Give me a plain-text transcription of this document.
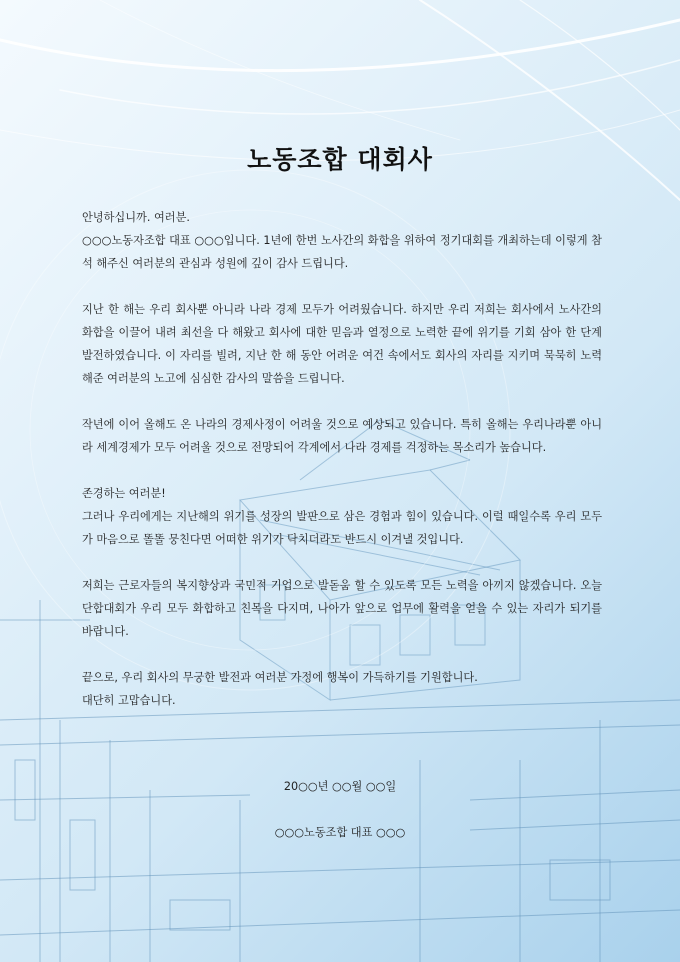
노동조합 대회사

안녕하십니까. 여러분.

○○○노동자조합 대표 ○○○입니다. 1년에 한번 노사간의 화합을 위하여 정기대회를 개최하는데 이렇게 참석 해주신 여러분의 관심과 성원에 깊이 감사 드립니다.

지난 한 해는 우리 회사뿐 아니라 나라 경제 모두가 어려웠습니다. 하지만 우리 저희는 회사에서 노사간의 화합을 이끌어 내려 최선을 다 해왔고 회사에 대한 믿음과 열정으로 노력한 끝에 위기를 기회 삼아 한 단계 발전하였습니다. 이 자리를 빌려, 지난 한 해 동안 어려운 여건 속에서도 회사의 자리를 지키며 묵묵히 노력해준 여러분의 노고에 심심한 감사의 말씀을 드립니다.

작년에 이어 올해도 온 나라의 경제사정이 어려울 것으로 예상되고 있습니다. 특히 올해는 우리나라뿐 아니라 세계경제가 모두 어려울 것으로 전망되어 각계에서 나라 경제를 걱정하는 목소리가 높습니다.

존경하는 여러분!

그러나 우리에게는 지난해의 위기를 성장의 발판으로 삼은 경험과 힘이 있습니다. 이럴 때일수록 우리 모두가 마음으로 똘똘 뭉친다면 어떠한 위기가 닥치더라도 반드시 이겨낼 것입니다.

저희는 근로자들의 복지향상과 국민적 기업으로 발돋움 할 수 있도록 모든 노력을 아끼지 않겠습니다. 오늘 단합대회가 우리 모두 화합하고 친목을 다지며, 나아가 앞으로 업무에 활력을 얻을 수 있는 자리가 되기를 바랍니다.

끝으로, 우리 회사의 무궁한 발전과 여러분 가정에 행복이 가득하기를 기원합니다.

대단히 고맙습니다.

20○○년 ○○월 ○○일
○○○노동조합 대표 ○○○
